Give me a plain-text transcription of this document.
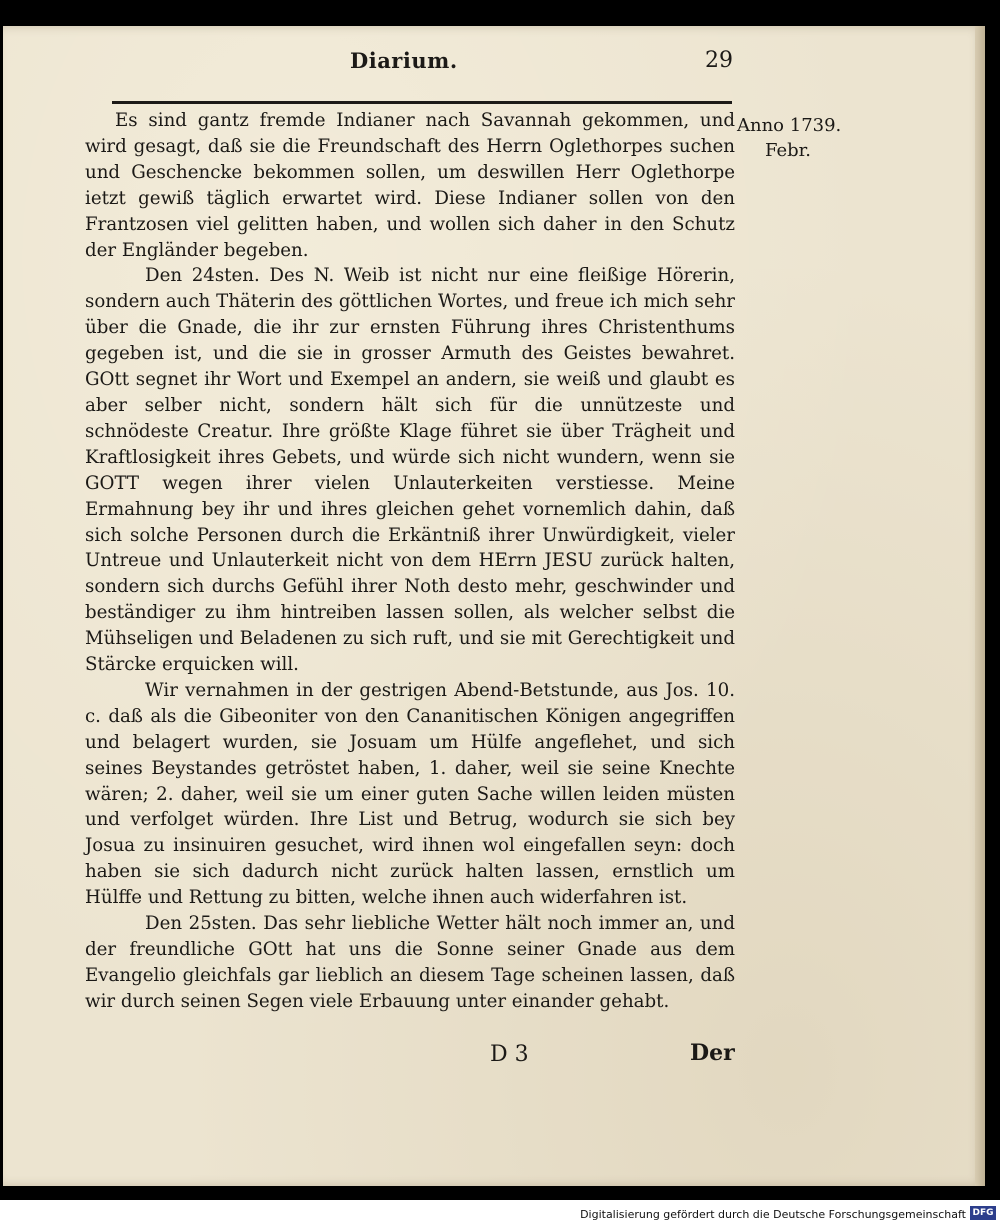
Diarium.	29
Anno 1739.
Febr.

Es sind gantz fremde Indianer nach Savannah gekommen, und wird gesagt, daß sie die Freundschaft des Herrn Oglethorpes suchen und Geschencke bekommen sollen, um deswillen Herr Oglethorpe ietzt gewiß täglich erwartet wird. Diese Indianer sollen von den Frantzosen viel gelitten haben, und wollen sich daher in den Schutz der Engländer begeben.

Den 24sten. Des N. Weib ist nicht nur eine fleißige Hörerin, sondern auch Thäterin des göttlichen Wortes, und freue ich mich sehr über die Gnade, die ihr zur ernsten Führung ihres Christenthums gegeben ist, und die sie in grosser Armuth des Geistes bewahret. GOtt segnet ihr Wort und Exempel an andern, sie weiß und glaubt es aber selber nicht, sondern hält sich für die unnützeste und schnödeste Creatur. Ihre größte Klage führet sie über Trägheit und Kraftlosigkeit ihres Gebets, und würde sich nicht wundern, wenn sie GOTT wegen ihrer vielen Unlauterkeiten verstiesse. Meine Ermahnung bey ihr und ihres gleichen gehet vornemlich dahin, daß sich solche Personen durch die Erkäntniß ihrer Unwürdigkeit, vieler Untreue und Unlauterkeit nicht von dem HErrn JESU zurück halten, sondern sich durchs Gefühl ihrer Noth desto mehr, geschwinder und beständiger zu ihm hintreiben lassen sollen, als welcher selbst die Mühseligen und Beladenen zu sich ruft, und sie mit Gerechtigkeit und Stärcke erquicken will.

Wir vernahmen in der gestrigen Abend-Betstunde, aus Jos. 10. c. daß als die Gibeoniter von den Cananitischen Königen angegriffen und belagert wurden, sie Josuam um Hülfe angeflehet, und sich seines Beystandes getröstet haben, 1. daher, weil sie seine Knechte wären; 2. daher, weil sie um einer guten Sache willen leiden müsten und verfolget würden. Ihre List und Betrug, wodurch sie sich bey Josua zu insinuiren gesuchet, wird ihnen wol eingefallen seyn: doch haben sie sich dadurch nicht zurück halten lassen, ernstlich um Hülffe und Rettung zu bitten, welche ihnen auch widerfahren ist.

Den 25sten. Das sehr liebliche Wetter hält noch immer an, und der freundliche GOtt hat uns die Sonne seiner Gnade aus dem Evangelio gleichfals gar lieblich an diesem Tage scheinen lassen, daß wir durch seinen Segen viele Erbauung unter einander gehabt.

D 3	Der
Digitalisierung gefördert durch die Deutsche Forschungsgemeinschaft DFG
